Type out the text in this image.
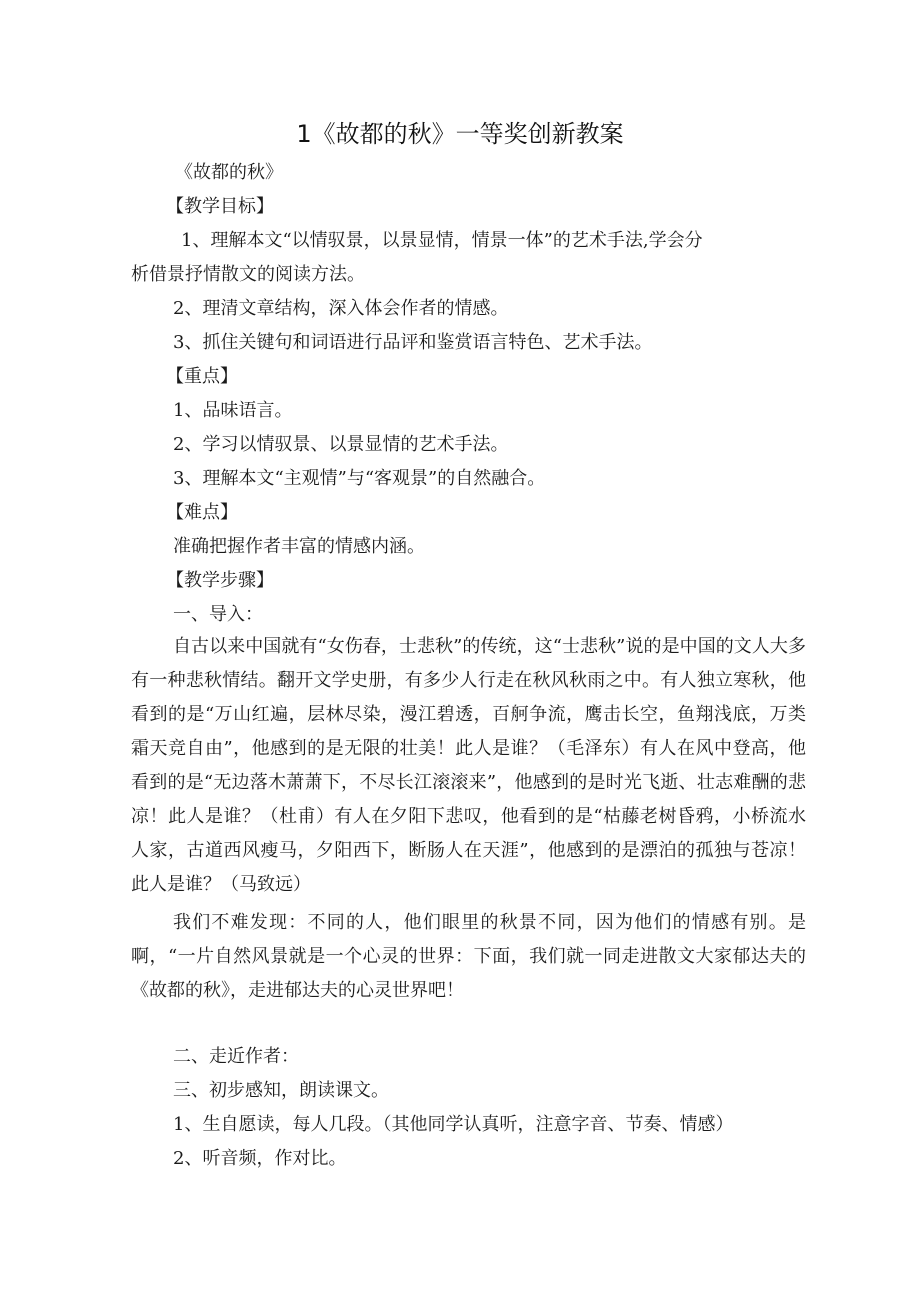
1《故都的秋》一等奖创新教案
《故都的秋》
【教学目标】
1、理解本文“以情驭景，以景显情，情景一体”的艺术手法,学会分
析借景抒情散文的阅读方法。
2、理清文章结构，深入体会作者的情感。
3、抓住关键句和词语进行品评和鉴赏语言特色、艺术手法。
【重点】
1、品味语言。
2、学习以情驭景、以景显情的艺术手法。
3、理解本文“主观情”与“客观景”的自然融合。
【难点】
准确把握作者丰富的情感内涵。
【教学步骤】
一、导入：
自古以来中国就有“女伤春，士悲秋”的传统，这“士悲秋”说的是中国的文人大多有一种悲秋情结。翻开文学史册，有多少人行走在秋风秋雨之中。有人独立寒秋，他看到的是“万山红遍，层林尽染，漫江碧透，百舸争流，鹰击长空，鱼翔浅底，万类霜天竞自由”，他感到的是无限的壮美！此人是谁？（毛泽东）有人在风中登高，他看到的是“无边落木萧萧下，不尽长江滚滚来”，他感到的是时光飞逝、壮志难酬的悲凉！此人是谁？（杜甫）有人在夕阳下悲叹，他看到的是“枯藤老树昏鸦，小桥流水人家，古道西风瘦马，夕阳西下，断肠人在天涯”，他感到的是漂泊的孤独与苍凉！此人是谁？（马致远）
我们不难发现：不同的人，他们眼里的秋景不同，因为他们的情感有别。是啊，“一片自然风景就是一个心灵的世界：下面，我们就一同走进散文大家郁达夫的《故都的秋》，走进郁达夫的心灵世界吧！
二、走近作者：
三、初步感知，朗读课文。
1、生自愿读，每人几段。（其他同学认真听，注意字音、节奏、情感）
2、听音频，作对比。
